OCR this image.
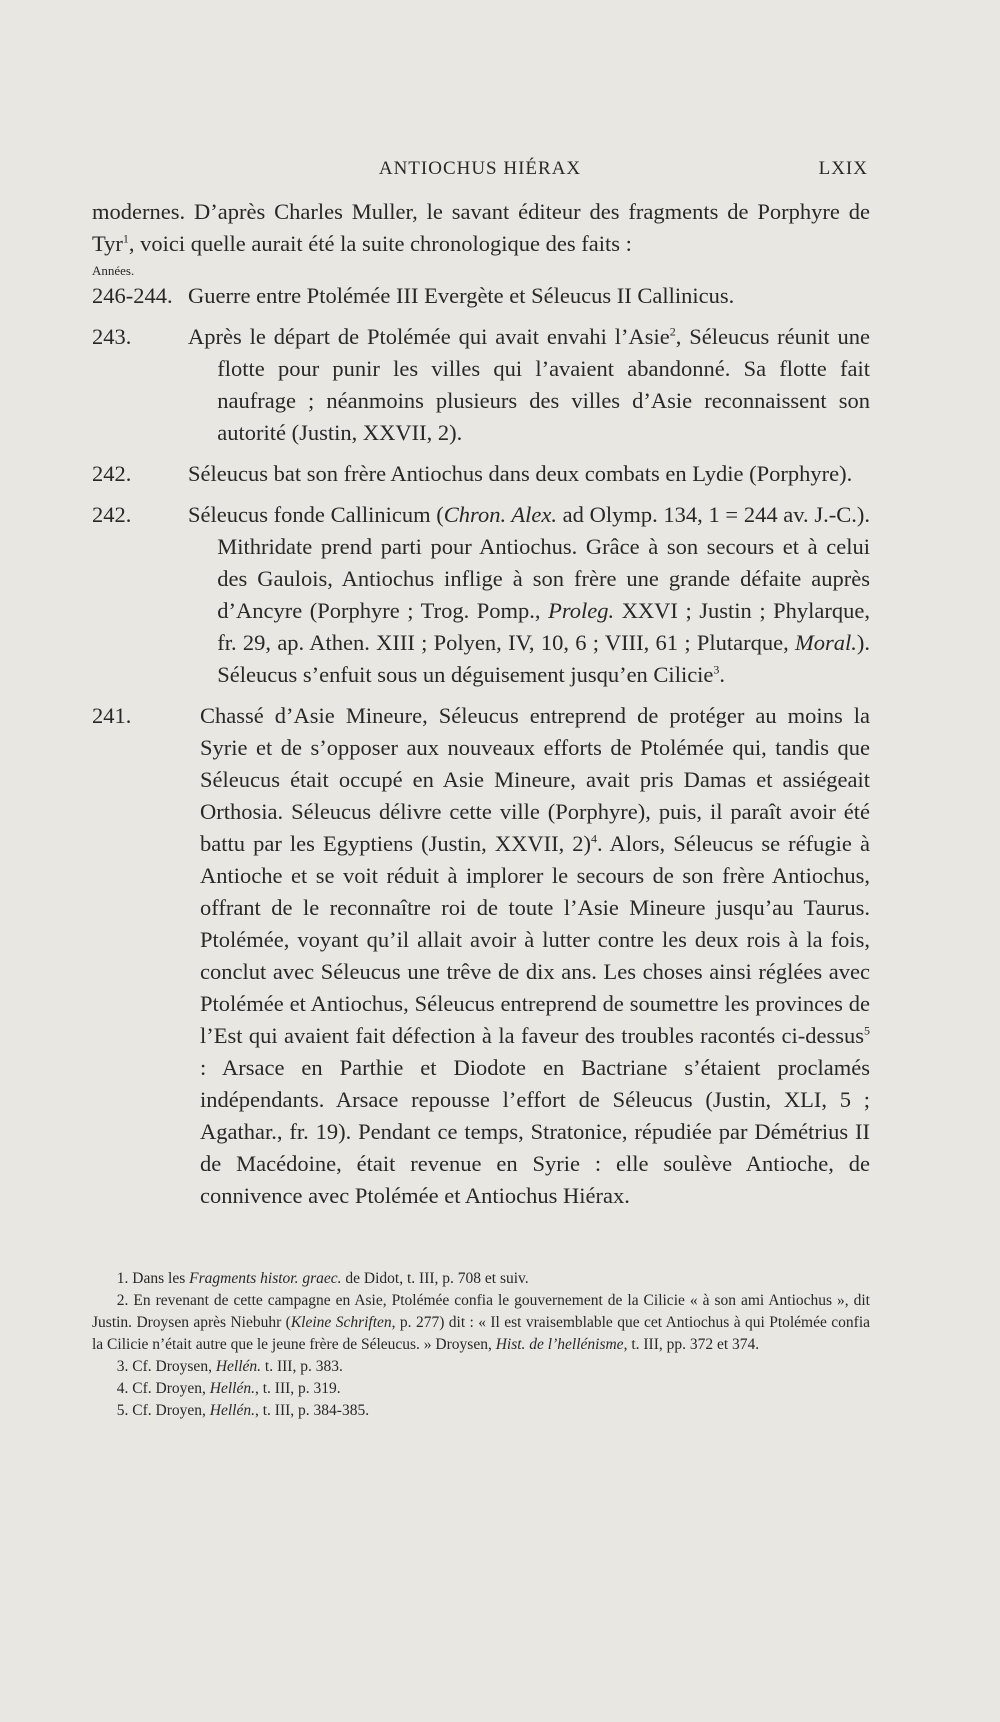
ANTIOCHUS HIÉRAX	LXIX
modernes. D’après Charles Muller, le savant éditeur des fragments de Porphyre de Tyr$^1$, voici quelle aurait été la suite chronologique des faits :
Années.
246-244. Guerre entre Ptolémée III Evergète et Séleucus II Callinicus.
243.	Après le départ de Ptolémée qui avait envahi l’Asie$^2$, Séleucus réunit une flotte pour punir les villes qui l’avaient abandonné. Sa flotte fait naufrage ; néanmoins plusieurs des villes d’Asie reconnaissent son autorité (Justin, XXVII, 2).
242.	Séleucus bat son frère Antiochus dans deux combats en Lydie (Porphyre).
242.	Séleucus fonde Callinicum (Chron. Alex. ad Olymp. 134, 1 = 244 av. J.-C.). Mithridate prend parti pour Antiochus. Grâce à son secours et à celui des Gaulois, Antiochus inflige à son frère une grande défaite auprès d’Ancyre (Porphyre ; Trog. Pomp., Proleg. XXVI ; Justin ; Phylarque, fr. 29, ap. Athen. XIII ; Polyen, IV, 10, 6 ; VIII, 61 ; Plutarque, Moral.). Séleucus s’enfuit sous un déguisement jusqu’en Cilicie$^3$.
241.	Chassé d’Asie Mineure, Séleucus entreprend de protéger au moins la Syrie et de s’opposer aux nouveaux efforts de Ptolémée qui, tandis que Séleucus était occupé en Asie Mineure, avait pris Damas et assiégeait Orthosia. Séleucus délivre cette ville (Porphyre), puis, il paraît avoir été battu par les Egyptiens (Justin, XXVII, 2)$^4$. Alors, Séleucus se réfugie à Antioche et se voit réduit à implorer le secours de son frère Antiochus, offrant de le reconnaître roi de toute l’Asie Mineure jusqu’au Taurus. Ptolémée, voyant qu’il allait avoir à lutter contre les deux rois à la fois, conclut avec Séleucus une trêve de dix ans. Les choses ainsi réglées avec Ptolémée et Antiochus, Séleucus entreprend de soumettre les provinces de l’Est qui avaient fait défection à la faveur des troubles racontés ci-dessus$^5$ : Arsace en Parthie et Diodote en Bactriane s’étaient proclamés indépendants. Arsace repousse l’effort de Séleucus (Justin, XLI, 5 ; Agathar., fr. 19). Pendant ce temps, Stratonice, répudiée par Démétrius II de Macédoine, était revenue en Syrie : elle soulève Antioche, de connivence avec Ptolémée et Antiochus Hiérax.
1. Dans les Fragments histor. graec. de Didot, t. III, p. 708 et suiv.
2. En revenant de cette campagne en Asie, Ptolémée confia le gouvernement de la Cilicie « à son ami Antiochus », dit Justin. Droysen après Niebuhr (Kleine Schriften, p. 277) dit : « Il est vraisemblable que cet Antiochus à qui Ptolémée confia la Cilicie n’était autre que le jeune frère de Séleucus. » Droysen, Hist. de l’hellénisme, t. III, pp. 372 et 374.
3. Cf. Droysen, Hellén. t. III, p. 383.
4. Cf. Droyen, Hellén., t. III, p. 319.
5. Cf. Droyen, Hellén., t. III, p. 384-385.
